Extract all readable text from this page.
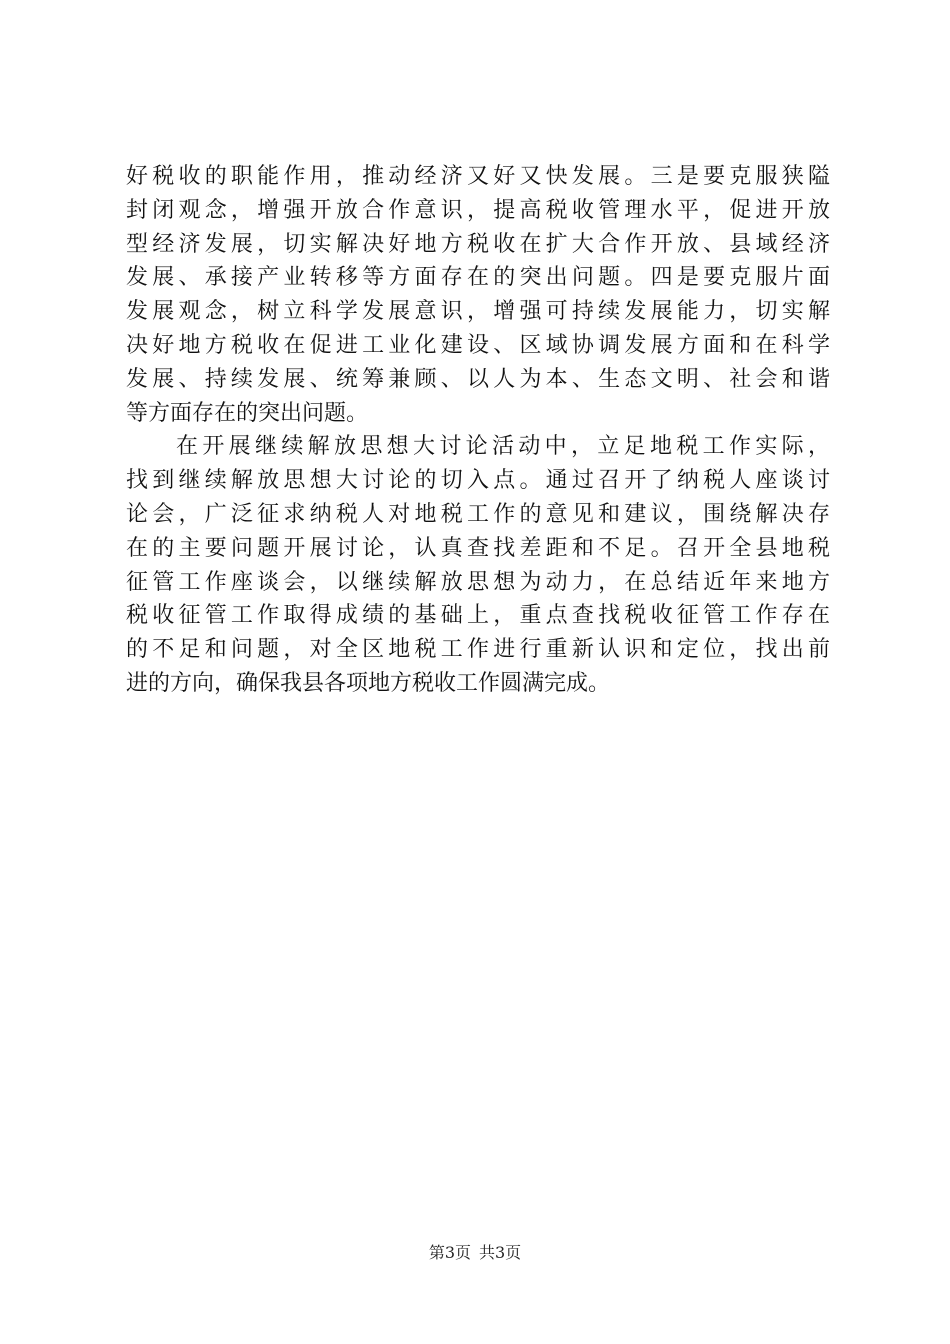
好税收的职能作用，推动经济又好又快发展。三是要克服狭隘
封闭观念，增强开放合作意识，提高税收管理水平，促进开放
型经济发展，切实解决好地方税收在扩大合作开放、县域经济
发展、承接产业转移等方面存在的突出问题。四是要克服片面
发展观念，树立科学发展意识，增强可持续发展能力，切实解
决好地方税收在促进工业化建设、区域协调发展方面和在科学
发展、持续发展、统筹兼顾、以人为本、生态文明、社会和谐
等方面存在的突出问题。
在开展继续解放思想大讨论活动中，立足地税工作实际，
找到继续解放思想大讨论的切入点。通过召开了纳税人座谈讨
论会，广泛征求纳税人对地税工作的意见和建议，围绕解决存
在的主要问题开展讨论，认真查找差距和不足。召开全县地税
征管工作座谈会，以继续解放思想为动力，在总结近年来地方
税收征管工作取得成绩的基础上，重点查找税收征管工作存在
的不足和问题，对全区地税工作进行重新认识和定位，找出前
进的方向，确保我县各项地方税收工作圆满完成。
第3页 共3页
